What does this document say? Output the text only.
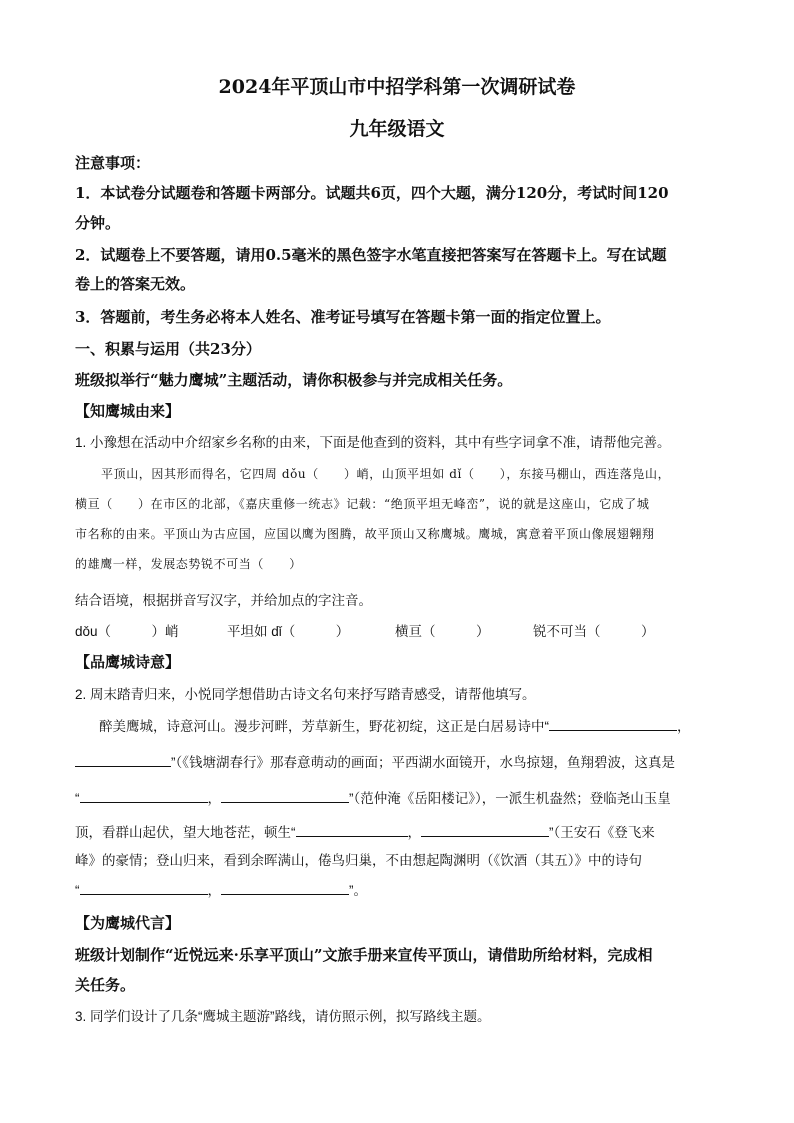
2024年平顶山市中招学科第一次调研试卷
九年级语文
注意事项：
1．本试卷分试题卷和答题卡两部分。试题共6页，四个大题，满分120分，考试时间120
分钟。
2．试题卷上不要答题，请用0.5毫米的黑色签字水笔直接把答案写在答题卡上。写在试题
卷上的答案无效。
3．答题前，考生务必将本人姓名、准考证号填写在答题卡第一面的指定位置上。
一、积累与运用（共23分）
班级拟举行“魅力鹰城”主题活动，请你积极参与并完成相关任务。
【知鹰城由来】
1. 小豫想在活动中介绍家乡名称的由来，下面是他查到的资料，其中有些字词拿不准，请帮他完善。
平顶山，因其形而得名，它四周 dǒu（　　）峭，山顶平坦如 dǐ（　　），东接马棚山，西连落凫山，
横亘（　　）在市区的北部，《嘉庆重修一统志》记载：“绝顶平坦无峰峦”，说的就是这座山，它成了城
市名称的由来。平顶山为古应国，应国以鹰为图腾，故平顶山又称鹰城。鹰城，寓意着平顶山像展翅翱翔
的雄鹰一样，发展态势锐不可当（　　）
结合语境，根据拼音写汉字，并给加点的字注音。
dǒu（　　　）峭	平坦如 dǐ（　　　）	横亘（　　　）	锐不可当（　　　）
【品鹰城诗意】
2. 周末踏青归来，小悦同学想借助古诗文名句来抒写踏青感受，请帮他填写。
醉美鹰城，诗意河山。漫步河畔，芳草新生，野花初绽，这正是白居易诗中“	，
”（《钱塘湖春行》那春意萌动的画面；平西湖水面镜开，水鸟掠翅，鱼翔碧波，这真是
“	，	”（范仲淹《岳阳楼记》），一派生机盎然；登临尧山玉皇
顶，看群山起伏，望大地苍茫，顿生“	，	”（王安石《登飞来
峰》的豪情；登山归来，看到余晖满山，倦鸟归巢，不由想起陶渊明（《饮酒（其五）》中的诗句
“	，	”。
【为鹰城代言】
班级计划制作“近悦远来·乐享平顶山”文旅手册来宣传平顶山，请借助所给材料，完成相
关任务。
3. 同学们设计了几条“鹰城主题游”路线，请仿照示例，拟写路线主题。
